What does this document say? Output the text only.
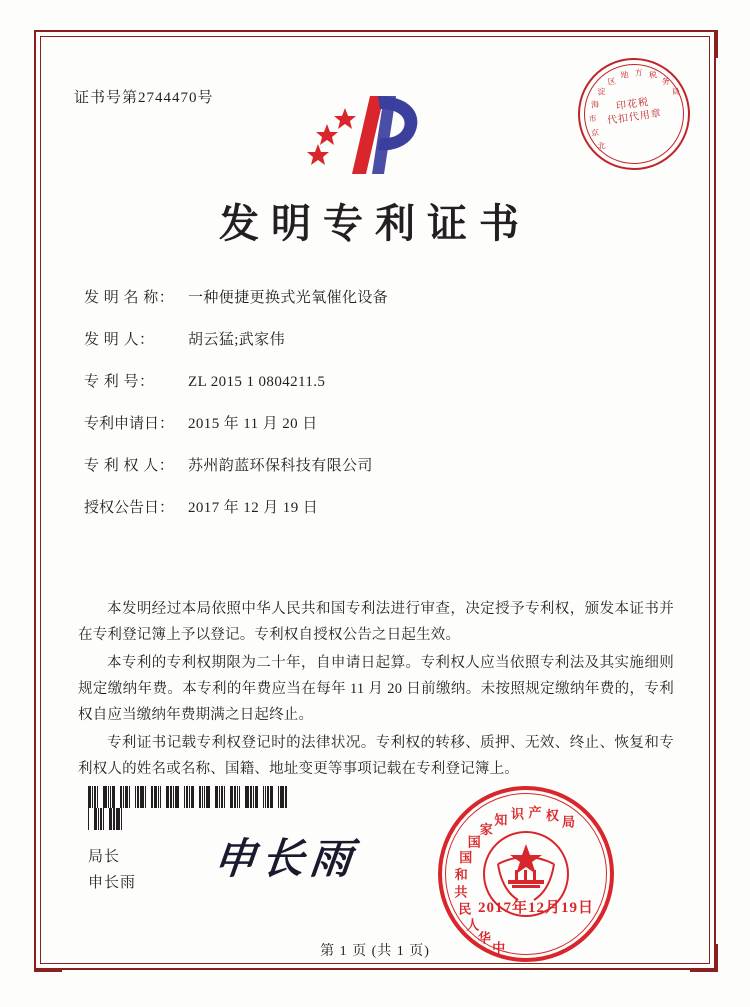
证书号第2744470号
北
京
市
海
淀
区
地 方 税
务
局
印花税
代扣代用章
发明专利证书
发 明 名 称： 一种便捷更换式光氧催化设备
发 明 人：	胡云猛;武家伟
专 利 号：	ZL 2015 1 0804211.5
专利申请日： 2015 年 11 月 20 日
专 利 权 人： 苏州韵蓝环保科技有限公司
授权公告日： 2017 年 12 月 19 日

本发明经过本局依照中华人民共和国专利法进行审查，决定授予专利权，颁发本证书并在专利登记簿上予以登记。专利权自授权公告之日起生效。

本专利的专利权期限为二十年，自申请日起算。专利权人应当依照专利法及其实施细则规定缴纳年费。本专利的年费应当在每年 11 月 20 日前缴纳。未按照规定缴纳年费的，专利权自应当缴纳年费期满之日起终止。

专利证书记载专利权登记时的法律状况。专利权的转移、质押、无效、终止、恢复和专利权人的姓名或名称、国籍、地址变更等事项记载在专利登记簿上。

申长雨
局长
申长雨
中
华
人
民
共
和
国
国
家
知 识 产 权 局
2017年12月19日
第 1 页 (共 1 页)
